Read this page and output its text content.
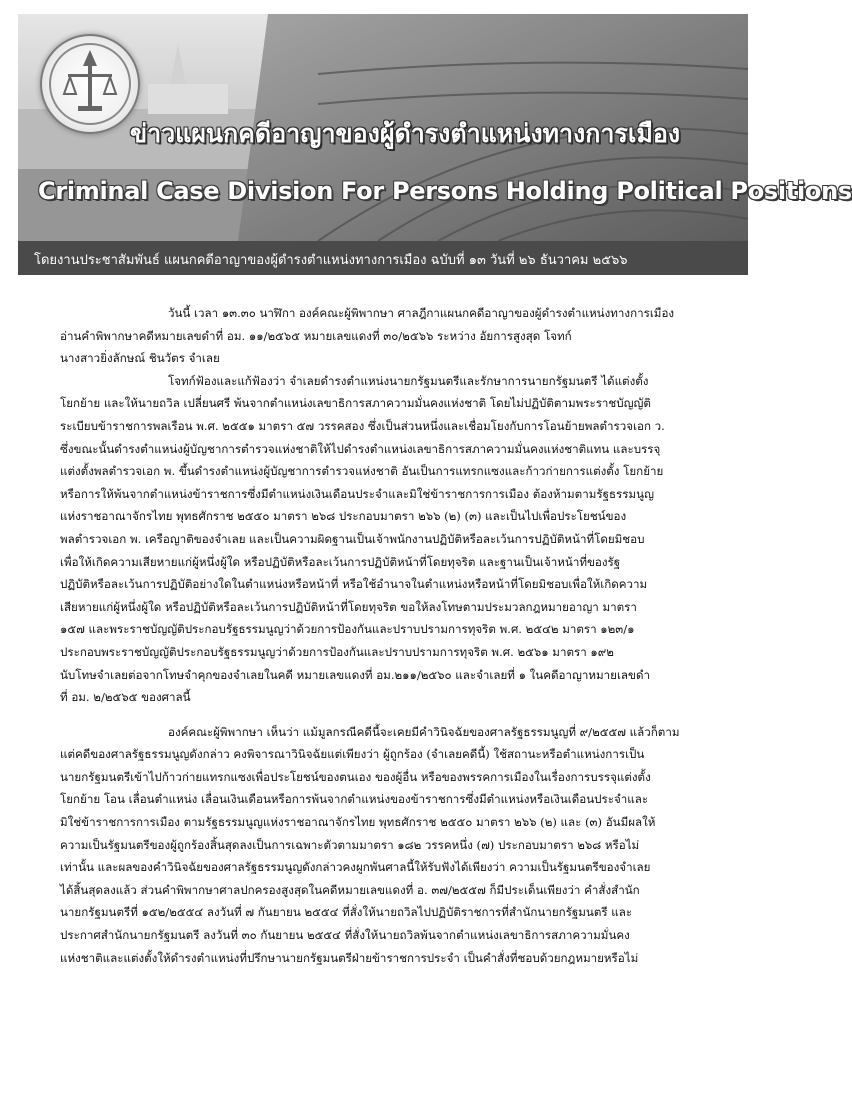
ข่าวแผนกคดีอาญาของผู้ดำรงตำแหน่งทางการเมือง
Criminal Case Division For Persons Holding Political Positions
โดยงานประชาสัมพันธ์ แผนกคดีอาญาของผู้ดำรงตำแหน่งทางการเมือง ฉบับที่ ๑๓ วันที่ ๒๖ ธันวาคม ๒๕๖๖

วันนี้ เวลา ๑๓.๓๐ นาฬิกา องค์คณะผู้พิพากษา ศาลฎีกาแผนกคดีอาญาของผู้ดำรงตำแหน่งทางการเมือง
อ่านคำพิพากษาคดีหมายเลขดำที่ อม. ๑๑/๒๕๖๕ หมายเลขแดงที่ ๓๐/๒๕๖๖ ระหว่าง อัยการสูงสุด โจทก์
นางสาวยิ่งลักษณ์ ชินวัตร จำเลย

โจทก์ฟ้องและแก้ฟ้องว่า จำเลยดำรงตำแหน่งนายกรัฐมนตรีและรักษาการนายกรัฐมนตรี ได้แต่งตั้ง
โยกย้าย และให้นายถวิล เปลี่ยนศรี พ้นจากตำแหน่งเลขาธิการสภาความมั่นคงแห่งชาติ โดยไม่ปฏิบัติตามพระราชบัญญัติ
ระเบียบข้าราชการพลเรือน พ.ศ. ๒๕๕๑ มาตรา ๕๗ วรรคสอง ซึ่งเป็นส่วนหนึ่งและเชื่อมโยงกับการโอนย้ายพลตำรวจเอก ว.
ซึ่งขณะนั้นดำรงตำแหน่งผู้บัญชาการตำรวจแห่งชาติให้ไปดำรงตำแหน่งเลขาธิการสภาความมั่นคงแห่งชาติแทน และบรรจุ
แต่งตั้งพลตำรวจเอก พ. ขึ้นดำรงตำแหน่งผู้บัญชาการตำรวจแห่งชาติ อันเป็นการแทรกแซงและก้าวก่ายการแต่งตั้ง โยกย้าย
หรือการให้พ้นจากตำแหน่งข้าราชการซึ่งมีตำแหน่งเงินเดือนประจำและมิใช่ข้าราชการการเมือง ต้องห้ามตามรัฐธรรมนูญ
แห่งราชอาณาจักรไทย พุทธศักราช ๒๕๕๐ มาตรา ๒๖๘ ประกอบมาตรา ๒๖๖ (๒) (๓) และเป็นไปเพื่อประโยชน์ของ
พลตำรวจเอก พ. เครือญาติของจำเลย และเป็นความผิดฐานเป็นเจ้าพนักงานปฏิบัติหรือละเว้นการปฏิบัติหน้าที่โดยมิชอบ
เพื่อให้เกิดความเสียหายแก่ผู้หนึ่งผู้ใด หรือปฏิบัติหรือละเว้นการปฏิบัติหน้าที่โดยทุจริต และฐานเป็นเจ้าหน้าที่ของรัฐ
ปฏิบัติหรือละเว้นการปฏิบัติอย่างใดในตำแหน่งหรือหน้าที่ หรือใช้อำนาจในตำแหน่งหรือหน้าที่โดยมิชอบเพื่อให้เกิดความ
เสียหายแก่ผู้หนึ่งผู้ใด หรือปฏิบัติหรือละเว้นการปฏิบัติหน้าที่โดยทุจริต ขอให้ลงโทษตามประมวลกฎหมายอาญา มาตรา
๑๕๗ และพระราชบัญญัติประกอบรัฐธรรมนูญว่าด้วยการป้องกันและปราบปรามการทุจริต พ.ศ. ๒๕๔๒ มาตรา ๑๒๓/๑
ประกอบพระราชบัญญัติประกอบรัฐธรรมนูญว่าด้วยการป้องกันและปราบปรามการทุจริต พ.ศ. ๒๕๖๑ มาตรา ๑๙๒
นับโทษจำเลยต่อจากโทษจำคุกของจำเลยในคดี หมายเลขแดงที่ อม.๒๑๑/๒๕๖๐ และจำเลยที่ ๑ ในคดีอาญาหมายเลขดำ
ที่ อม. ๒/๒๕๖๕ ของศาลนี้

องค์คณะผู้พิพากษา เห็นว่า แม้มูลกรณีคดีนี้จะเคยมีคำวินิจฉัยของศาลรัฐธรรมนูญที่ ๙/๒๕๕๗ แล้วก็ตาม
แต่คดีของศาลรัฐธรรมนูญดังกล่าว คงพิจารณาวินิจฉัยแต่เพียงว่า ผู้ถูกร้อง (จำเลยคดีนี้) ใช้สถานะหรือตำแหน่งการเป็น
นายกรัฐมนตรีเข้าไปก้าวก่ายแทรกแซงเพื่อประโยชน์ของตนเอง ของผู้อื่น หรือของพรรคการเมืองในเรื่องการบรรจุแต่งตั้ง
โยกย้าย โอน เลื่อนตำแหน่ง เลื่อนเงินเดือนหรือการพ้นจากตำแหน่งของข้าราชการซึ่งมีตำแหน่งหรือเงินเดือนประจำและ
มิใช่ข้าราชการการเมือง ตามรัฐธรรมนูญแห่งราชอาณาจักรไทย พุทธศักราช ๒๕๕๐ มาตรา ๒๖๖ (๒) และ (๓) อันมีผลให้
ความเป็นรัฐมนตรีของผู้ถูกร้องสิ้นสุดลงเป็นการเฉพาะตัวตามมาตรา ๑๘๒ วรรคหนึ่ง (๗) ประกอบมาตรา ๒๖๘ หรือไม่
เท่านั้น และผลของคำวินิจฉัยของศาลรัฐธรรมนูญดังกล่าวคงผูกพันศาลนี้ให้รับฟังได้เพียงว่า ความเป็นรัฐมนตรีของจำเลย
ได้สิ้นสุดลงแล้ว ส่วนคำพิพากษาศาลปกครองสูงสุดในคดีหมายเลขแดงที่ อ. ๓๗/๒๕๕๗ ก็มีประเด็นเพียงว่า คำสั่งสำนัก
นายกรัฐมนตรีที่ ๑๕๒/๒๕๕๔ ลงวันที่ ๗ กันยายน ๒๕๕๔ ที่สั่งให้นายถวิลไปปฏิบัติราชการที่สำนักนายกรัฐมนตรี และ
ประกาศสำนักนายกรัฐมนตรี ลงวันที่ ๓๐ กันยายน ๒๕๕๔ ที่สั่งให้นายถวิลพ้นจากตำแหน่งเลขาธิการสภาความมั่นคง
แห่งชาติและแต่งตั้งให้ดำรงตำแหน่งที่ปรึกษานายกรัฐมนตรีฝ่ายข้าราชการประจำ เป็นคำสั่งที่ชอบด้วยกฎหมายหรือไม่
